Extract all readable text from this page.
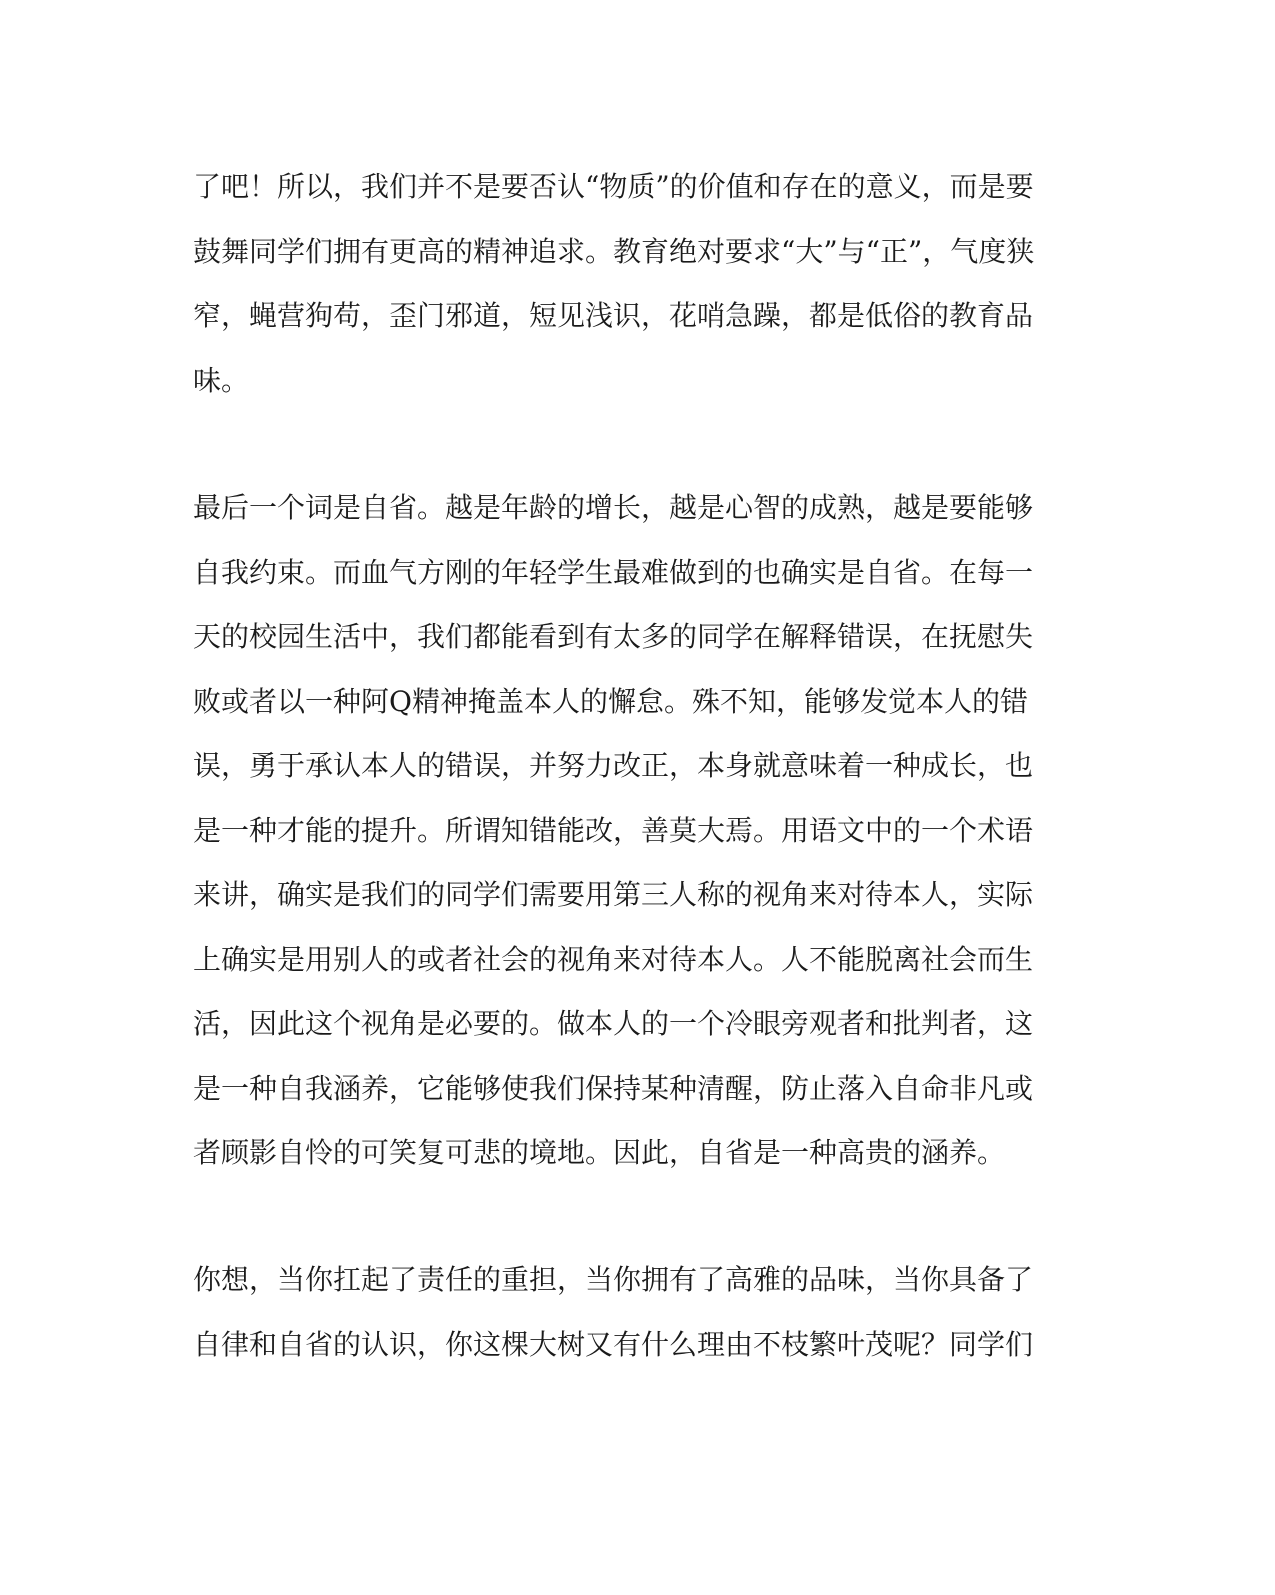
了吧！所以，我们并不是要否认“物质”的价值和存在的意义，而是要
鼓舞同学们拥有更高的精神追求。教育绝对要求“大”与“正”，气度狭
窄，蝇营狗苟，歪门邪道，短见浅识，花哨急躁，都是低俗的教育品
味。
最后一个词是自省。越是年龄的增长，越是心智的成熟，越是要能够
自我约束。而血气方刚的年轻学生最难做到的也确实是自省。在每一
天的校园生活中，我们都能看到有太多的同学在解释错误，在抚慰失
败或者以一种阿Q精神掩盖本人的懈怠。殊不知，能够发觉本人的错
误，勇于承认本人的错误，并努力改正，本身就意味着一种成长，也
是一种才能的提升。所谓知错能改，善莫大焉。用语文中的一个术语
来讲，确实是我们的同学们需要用第三人称的视角来对待本人，实际
上确实是用别人的或者社会的视角来对待本人。人不能脱离社会而生
活，因此这个视角是必要的。做本人的一个冷眼旁观者和批判者，这
是一种自我涵养，它能够使我们保持某种清醒，防止落入自命非凡或
者顾影自怜的可笑复可悲的境地。因此，自省是一种高贵的涵养。
你想，当你扛起了责任的重担，当你拥有了高雅的品味，当你具备了
自律和自省的认识，你这棵大树又有什么理由不枝繁叶茂呢？同学们
